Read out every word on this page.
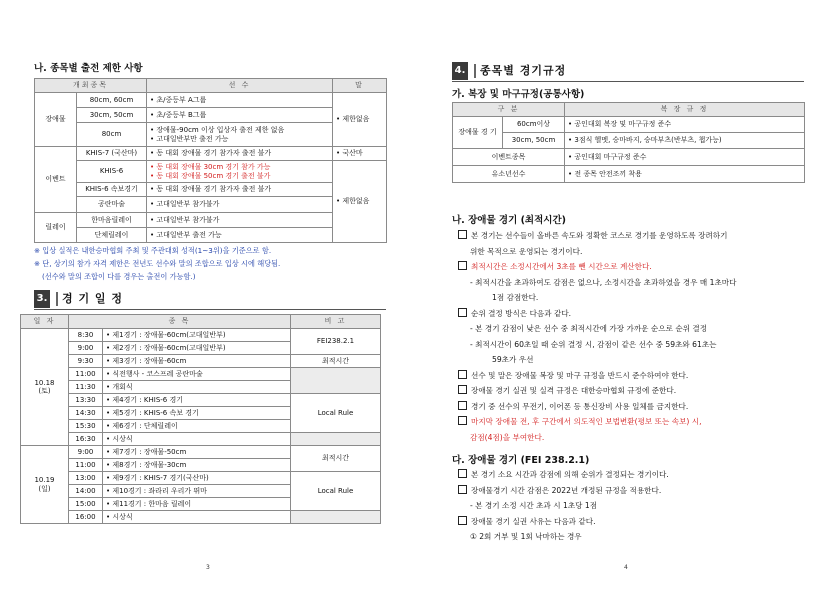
나. 종목별 출전 제한 사항
개최종목		선 수	말
장애물	80cm, 60cm	• 초/중등부 A그룹	• 제한없음
	30cm, 50cm	• 초/중등부 B그룹
	80cm	• 장애물-90cm 이상 입상자 출전 제한 없음
• 고대일반부만 출전 가능

이벤트	KHIS-7 (국산마)	• 동 대회 장애물 경기 참가자 출전 불가	• 국산마
	KHIS-6	• 동 대회 장애물 30cm 경기 참가 가능
• 동 대회 장애물 50cm 경기 출전 불가	• 제한없음
	KHIS-6 속보경기	• 동 대회 장애물 경기 참가자 출전 불가
	공란마술	• 고대일반부 참가불가
릴레이	한마음릴레이	• 고대일반부 참가불가
	단체릴레이	• 고대일반부 출전 가능
※ 입상 실적은 내한승마협회 주최 및 주관대회 성적(1~3위)을 기준으로 함.
※ 단, 상기의 참가 자격 제한은 전년도 선수와 말의 조합으로 입상 시에 해당됨.
(선수와 말의 조합이 다를 경우는 출전이 가능함.)
3. 경 기 일 정
일 자	종 목		비 고

10.18
(토)	8:30	• 제1경기 : 장애물-60cm(고대일반부)	FEI238.2.1
	9:00	• 제2경기 : 장애물-60cm(고대일반부)
	9:30	• 제3경기 : 장애물-60cm	최적시간
	11:00	• 식전행사 - 코스프레 공란마술	
	11:30	• 개회식
	13:30	• 제4경기 : KHIS-6 경기	Local Rule
	14:30	• 제5경기 : KHIS-6 속보 경기
	15:30	• 제6경기 : 단체릴레이
	16:30	• 시상식	

10.19
(일)	9:00	• 제7경기 : 장애물-50cm	최적시간
	11:00	• 제8경기 : 장애물-30cm
	13:00	• 제9경기 : KHIS-7 경기(국산마)	Local Rule
	14:00	• 제10경기 : 좌라리 우리가 뛰마
	15:00	• 제11경기 : 한마음 릴레이
	16:00	• 시상식	
3
4. 종목별 경기규정
가. 복장 및 마구규정(공통사항)
구 분		복 장 규 정
장애물 경 기	60cm이상	• 공인대회 복장 및 마구규정 준수
	30cm, 50cm	• 3점식 헬멧, 승마바지, 승마부츠(반부츠, 챕가능)
이벤트종목		• 공인대회 마구규정 준수
유소년선수		• 전 종목 안전조끼 착용
나. 장애물 경기 (최적시간)
본 경기는 선수들이 올바른 속도와 정확한 코스로 경기를 운영하도록 장려하기
위한 목적으로 운영되는 경기이다.
최적시간은 소정시간에서 3초를 뺀 시간으로 계산한다.
- 최적시간을 초과하여도 감점은 없으나, 소정시간을 초과하였을 경우 매 1초마다
1점 감점한다.
순위 결정 방식은 다음과 같다.
- 본 경기 감점이 낮은 선수 중 최적시간에 가장 가까운 순으로 순위 결정
- 최적시간이 60초일 때 순위 결정 시, 감점이 같은 선수 중 59초와 61초는
59초가 우선
선수 및 말은 장애물 복장 및 마구 규정을 반드시 준수하여야 한다.
장애물 경기 실권 및 실격 규정은 대한승마협회 규정에 준한다.
경기 중 선수의 무전기, 이어폰 등 통신장비 사용 일체를 금지한다.
마지막 장애물 전, 후 구간에서 의도적인 보법변환(평보 또는 속보) 시,
감점(4점)을 부여한다.
다. 장애물 경기 (FEI 238.2.1)
본 경기 소요 시간과 감점에 의해 순위가 결정되는 경기이다.
장애물경기 시간 감점은 2022년 개정된 규정을 적용한다.
- 본 경기 소정 시간 초과 시 1초당 1점
장애물 경기 실권 사유는 다음과 같다.
① 2회 거부 및 1회 낙마하는 경우
4
